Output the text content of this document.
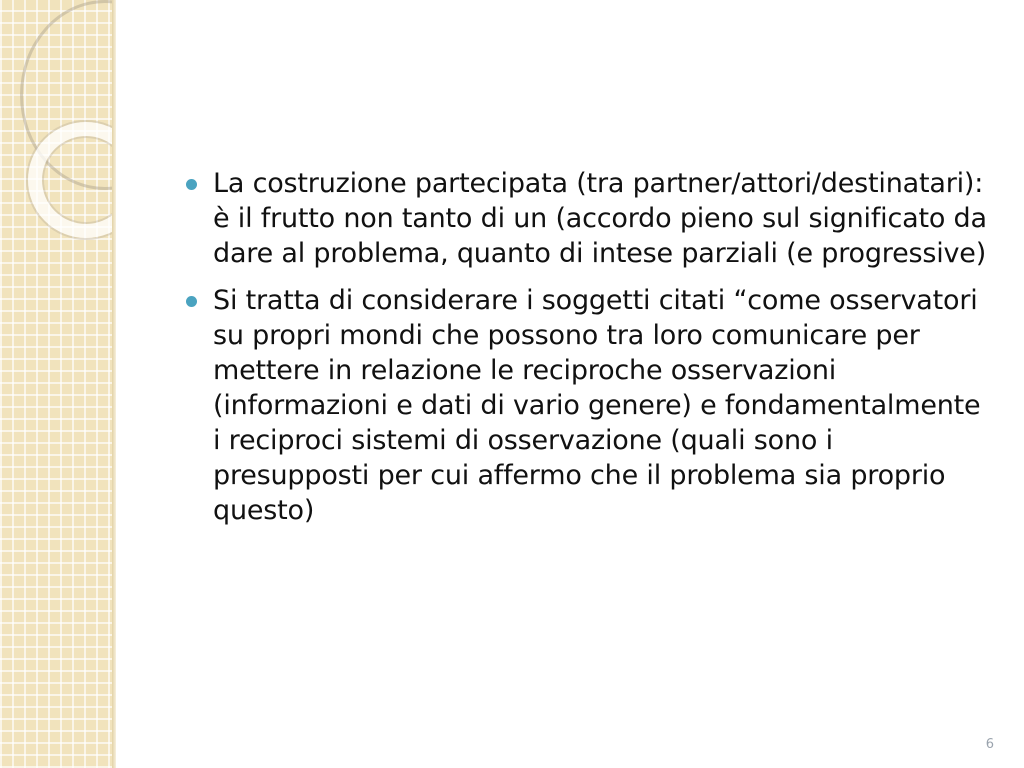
La costruzione partecipata (tra partner/attori/destinatari): è il frutto non tanto di un (accordo pieno sul significato da dare al problema, quanto di intese parziali (e progressive)
Si tratta di considerare i soggetti citati “come osservatori su propri mondi che possono tra loro comunicare per mettere in relazione le reciproche osservazioni (informazioni e dati di vario genere) e fondamentalmente i reciproci sistemi di osservazione (quali sono i presupposti per cui affermo che il problema sia proprio questo)
6
